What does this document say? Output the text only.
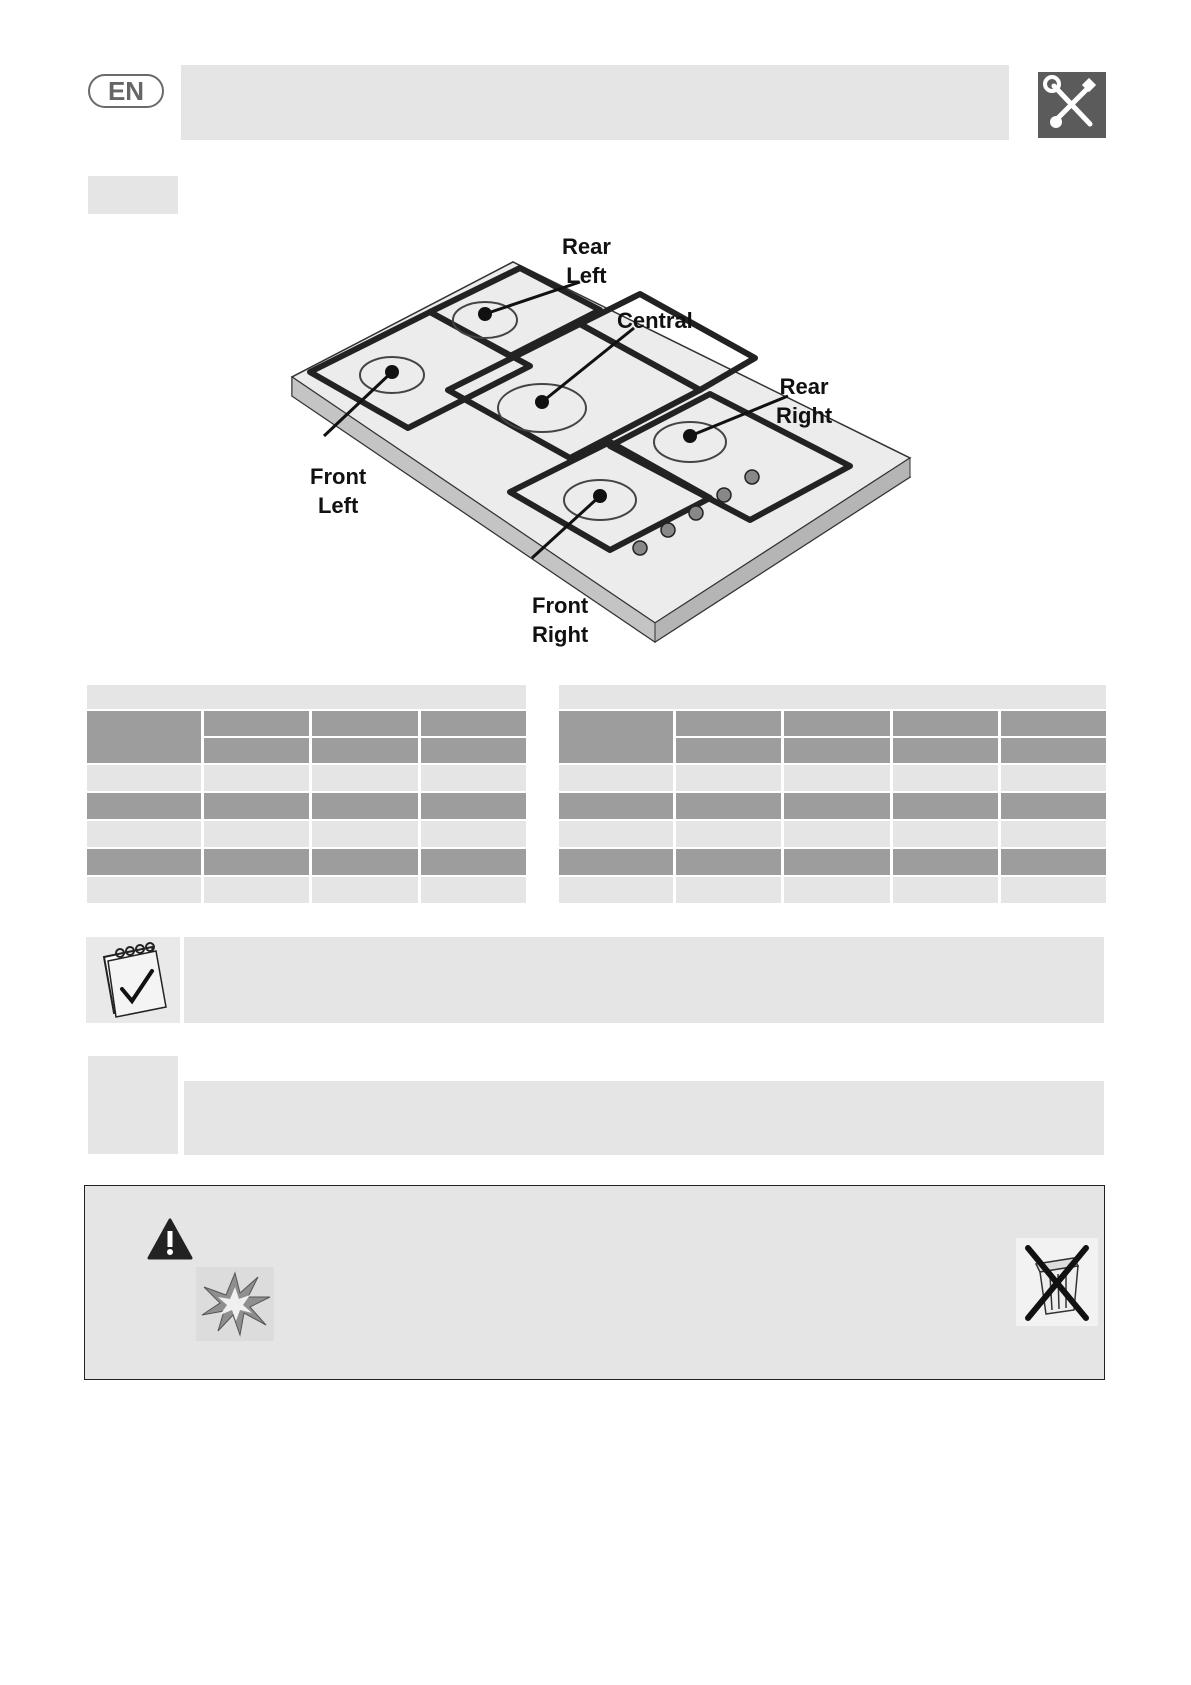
EN
Rear
Left
Central
Rear
Right
Front
Left
Front
Right
